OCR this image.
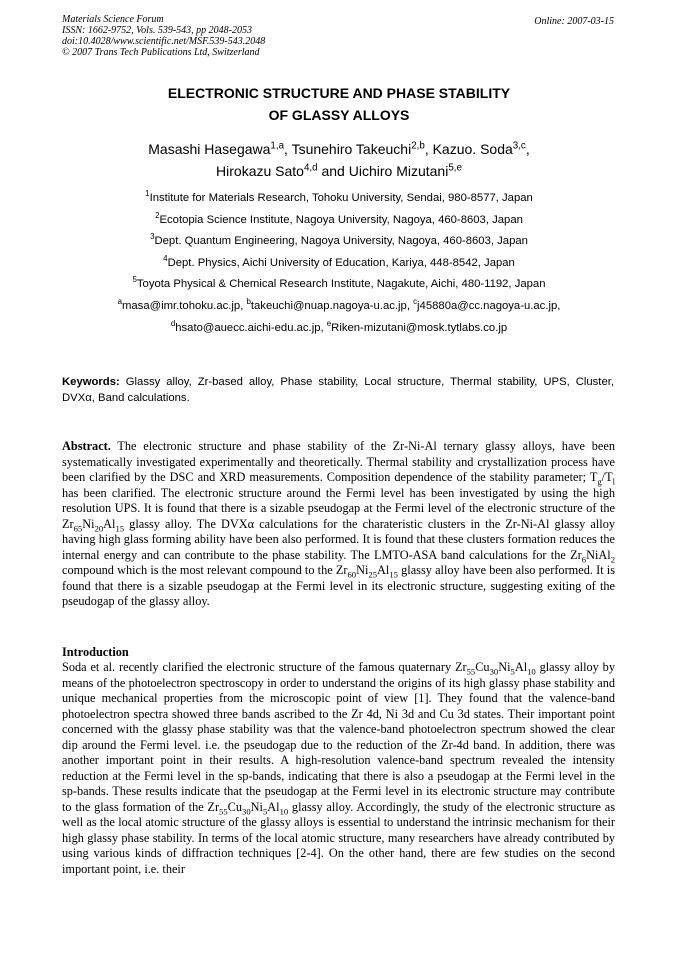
Materials Science Forum
ISSN: 1662-9752, Vols. 539-543, pp 2048-2053
doi:10.4028/www.scientific.net/MSF.539-543.2048
© 2007 Trans Tech Publications Ltd, Switzerland
Online: 2007-03-15
ELECTRONIC STRUCTURE AND PHASE STABILITY
OF GLASSY ALLOYS
Masashi Hasegawa$^{1,a}$, Tsunehiro Takeuchi$^{2,b}$, Kazuo. Soda$^{3,c}$,
Hirokazu Sato$^{4,d}$ and Uichiro Mizutani$^{5,e}$
$^1$Institute for Materials Research, Tohoku University, Sendai, 980-8577, Japan
$^2$Ecotopia Science Institute, Nagoya University, Nagoya, 460-8603, Japan
$^3$Dept. Quantum Engineering, Nagoya University, Nagoya, 460-8603, Japan
$^4$Dept. Physics, Aichi University of Education, Kariya, 448-8542, Japan
$^5$Toyota Physical & Chemical Research Institute, Nagakute, Aichi, 480-1192, Japan
$^a$masa@imr.tohoku.ac.jp, $^b$takeuchi@nuap.nagoya-u.ac.jp, $^c$j45880a@cc.nagoya-u.ac.jp,
$^d$hsato@auecc.aichi-edu.ac.jp, $^e$Riken-mizutani@mosk.tytlabs.co.jp
Keywords: Glassy alloy, Zr-based alloy, Phase stability, Local structure, Thermal stability, UPS, Cluster, DVXα, Band calculations.
Abstract. The electronic structure and phase stability of the Zr-Ni-Al ternary glassy alloys, have been systematically investigated experimentally and theoretically. Thermal stability and crystallization process have been clarified by the DSC and XRD measurements. Composition dependence of the stability parameter; $T_g/T_l$ has been clarified. The electronic structure around the Fermi level has been investigated by using the high resolution UPS. It is found that there is a sizable pseudogap at the Fermi level of the electronic structure of the $Zr_{65}Ni_{20}Al_{15}$ glassy alloy. The DVXα calculations for the charateristic clusters in the Zr-Ni-Al glassy alloy having high glass forming ability have been also performed. It is found that these clusters formation reduces the internal energy and can contribute to the phase stability. The LMTO-ASA band calculations for the $Zr_6NiAl_2$ compound which is the most relevant compound to the $Zr_{60}Ni_{25}Al_{15}$ glassy alloy have been also performed. It is found that there is a sizable pseudogap at the Fermi level in its electronic structure, suggesting exiting of the pseudogap of the glassy alloy.
Introduction
Soda et al. recently clarified the electronic structure of the famous quaternary $Zr_{55}Cu_{30}Ni_5Al_{10}$ glassy alloy by means of the photoelectron spectroscopy in order to understand the origins of its high glassy phase stability and unique mechanical properties from the microscopic point of view [1]. They found that the valence-band photoelectron spectra showed three bands ascribed to the Zr 4d, Ni 3d and Cu 3d states. Their important point concerned with the glassy phase stability was that the valence-band photoelectron spectrum showed the clear dip around the Fermi level. i.e. the pseudogap due to the reduction of the Zr-4d band. In addition, there was another important point in their results. A high-resolution valence-band spectrum revealed the intensity reduction at the Fermi level in the sp-bands, indicating that there is also a pseudogap at the Fermi level in the sp-bands. These results indicate that the pseudogap at the Fermi level in its electronic structure may contribute to the glass formation of the $Zr_{55}Cu_{30}Ni_5Al_{10}$ glassy alloy. Accordingly, the study of the electronic structure as well as the local atomic structure of the glassy alloys is essential to understand the intrinsic mechanism for their high glassy phase stability. In terms of the local atomic structure, many researchers have already contributed by using various kinds of diffraction techniques [2-4]. On the other hand, there are few studies on the second important point, i.e. their
